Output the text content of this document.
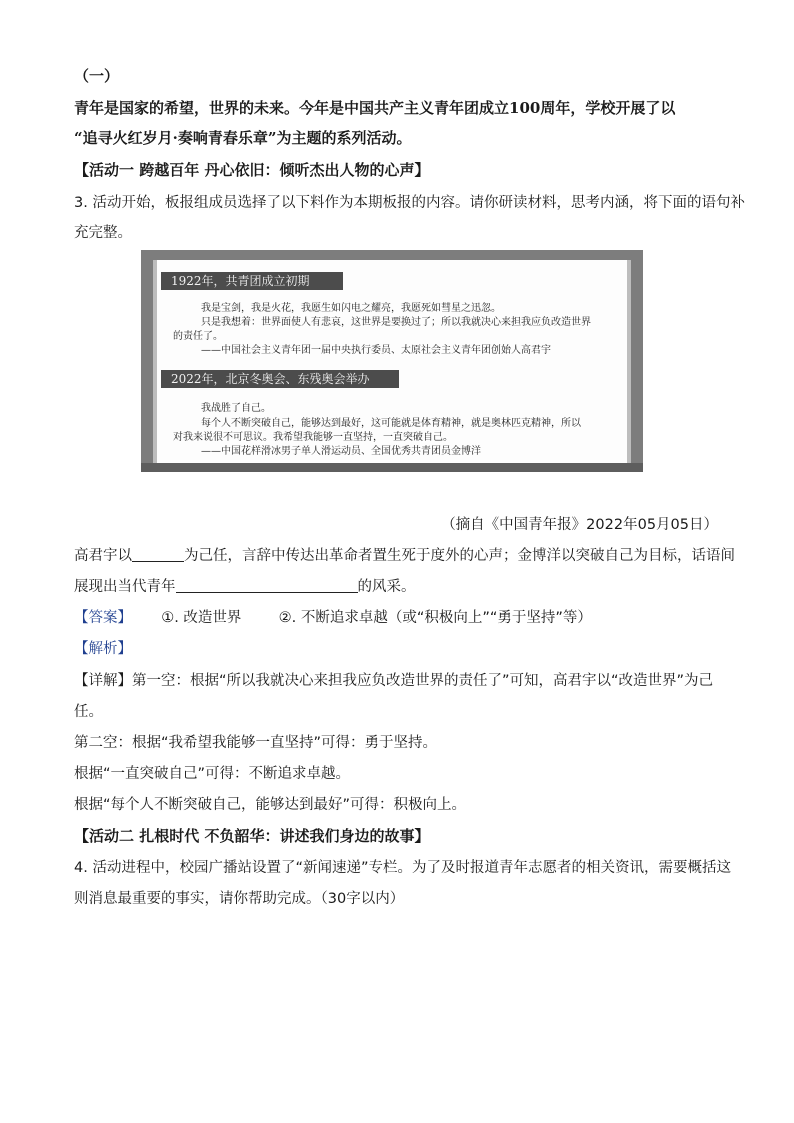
（一）
青年是国家的希望，世界的未来。今年是中国共产主义青年团成立100周年，学校开展了以
“追寻火红岁月·奏响青春乐章”为主题的系列活动。
【活动一 跨越百年 丹心依旧：倾听杰出人物的心声】
3. 活动开始，板报组成员选择了以下料作为本期板报的内容。请你研读材料，思考内涵，将下面的语句补
充完整。
1922年，共青团成立初期
我是宝剑，我是火花，我愿生如闪电之耀亮，我愿死如彗星之迅忽。
只是我想着：世界面使人有悲哀，这世界是要换过了；所以我就决心来担我应负改造世界
的责任了。
——中国社会主义青年团一届中央执行委员、太原社会主义青年团创始人高君宇
2022年，北京冬奥会、东残奥会举办
我战胜了自己。
每个人不断突破自己，能够达到最好，这可能就是体育精神，就是奥林匹克精神，所以
对我来说很不可思议。我希望我能够一直坚持，一直突破自己。
——中国花样滑冰男子单人滑运动员、全国优秀共青团员金博洋
（摘自《中国青年报》2022年05月05日）
高君宇以	为己任，言辞中传达出革命者置生死于度外的心声；金博洋以突破自己为目标，话语间
展现出当代青年	的风采。
【答案】 ①. 改造世界	②. 不断追求卓越（或“积极向上”“勇于坚持”等）
【解析】
【详解】第一空：根据“所以我就决心来担我应负改造世界的责任了”可知，高君宇以“改造世界”为己
任。
第二空：根据“我希望我能够一直坚持”可得：勇于坚持。
根据“一直突破自己”可得：不断追求卓越。
根据“每个人不断突破自己，能够达到最好”可得：积极向上。
【活动二 扎根时代 不负韶华：讲述我们身边的故事】
4. 活动进程中，校园广播站设置了“新闻速递”专栏。为了及时报道青年志愿者的相关资讯，需要概括这
则消息最重要的事实，请你帮助完成。（30字以内）
